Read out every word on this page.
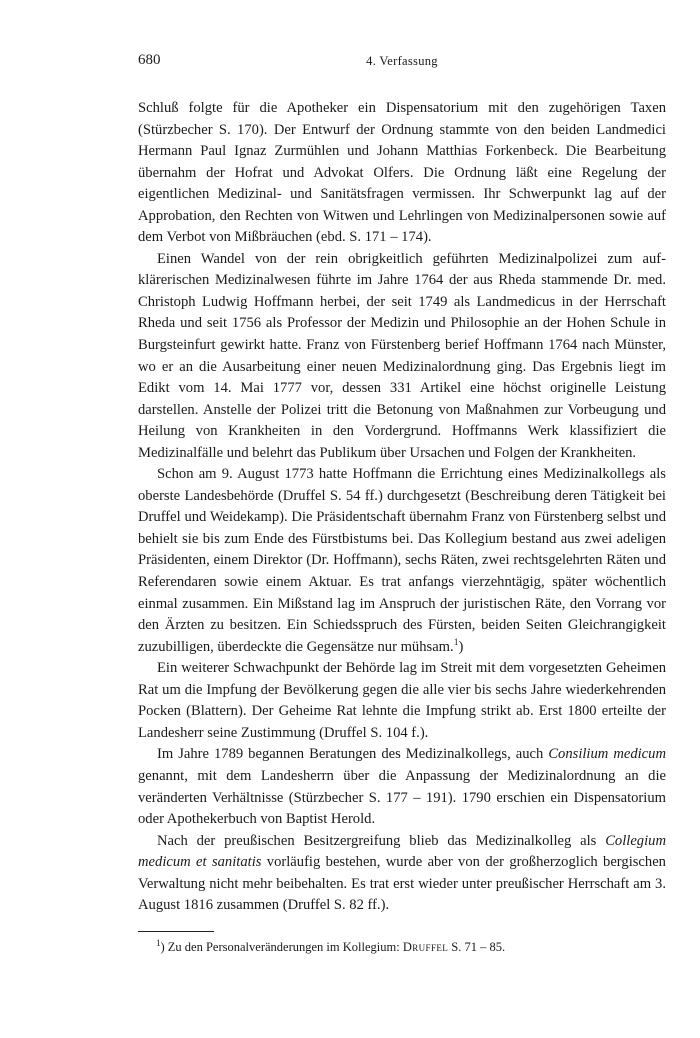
680	4. Verfassung

Schluß folgte für die Apotheker ein Dispensatorium mit den zugehörigen Taxen (Stürzbecher S. 170). Der Entwurf der Ordnung stammte von den beiden Landmedici Hermann Paul Ignaz Zurmühlen und Johann Matthias Forkenbeck. Die Bearbeitung übernahm der Hofrat und Advokat Olfers. Die Ordnung läßt eine Regelung der eigentlichen Medizinal- und Sanitätsfragen vermissen. Ihr Schwerpunkt lag auf der Approbation, den Rechten von Witwen und Lehrlingen von Medizinalpersonen sowie auf dem Verbot von Mißbräuchen (ebd. S. 171 – 174).

Einen Wandel von der rein obrigkeitlich geführten Medizinalpolizei zum aufklärerischen Medizinalwesen führte im Jahre 1764 der aus Rheda stammende Dr. med. Christoph Ludwig Hoffmann herbei, der seit 1749 als Landmedicus in der Herrschaft Rheda und seit 1756 als Professor der Medizin und Philosophie an der Hohen Schule in Burgsteinfurt gewirkt hatte. Franz von Fürstenberg berief Hoffmann 1764 nach Münster, wo er an die Ausarbeitung einer neuen Medizinalordnung ging. Das Ergebnis liegt im Edikt vom 14. Mai 1777 vor, dessen 331 Artikel eine höchst originelle Leistung darstellen. Anstelle der Polizei tritt die Betonung von Maßnahmen zur Vorbeugung und Heilung von Krankheiten in den Vordergrund. Hoffmanns Werk klassifiziert die Medizinalfälle und belehrt das Publikum über Ursachen und Folgen der Krankheiten.

Schon am 9. August 1773 hatte Hoffmann die Errichtung eines Medizinalkollegs als oberste Landesbehörde (Druffel S. 54 ff.) durchgesetzt (Beschreibung deren Tätigkeit bei Druffel und Weidekamp). Die Präsidentschaft übernahm Franz von Fürstenberg selbst und behielt sie bis zum Ende des Fürstbistums bei. Das Kollegium bestand aus zwei adeligen Präsidenten, einem Direktor (Dr. Hoffmann), sechs Räten, zwei rechtsgelehrten Räten und Referendaren sowie einem Aktuar. Es trat anfangs vierzehntägig, später wöchentlich einmal zusammen. Ein Mißstand lag im Anspruch der juristischen Räte, den Vorrang vor den Ärzten zu besitzen. Ein Schiedsspruch des Fürsten, beiden Seiten Gleichrangigkeit zuzubilligen, überdeckte die Gegensätze nur mühsam.$^1$)

Ein weiterer Schwachpunkt der Behörde lag im Streit mit dem vorgesetzten Geheimen Rat um die Impfung der Bevölkerung gegen die alle vier bis sechs Jahre wiederkehrenden Pocken (Blattern). Der Geheime Rat lehnte die Impfung strikt ab. Erst 1800 erteilte der Landesherr seine Zustimmung (Druffel S. 104 f.).

Im Jahre 1789 begannen Beratungen des Medizinalkollegs, auch Consilium medicum genannt, mit dem Landesherrn über die Anpassung der Medizinalordnung an die veränderten Verhältnisse (Stürzbecher S. 177 – 191). 1790 erschien ein Dispensatorium oder Apothekerbuch von Baptist Herold.

Nach der preußischen Besitzergreifung blieb das Medizinalkolleg als Collegium medicum et sanitatis vorläufig bestehen, wurde aber von der großherzoglich bergischen Verwaltung nicht mehr beibehalten. Es trat erst wieder unter preußischer Herrschaft am 3. August 1816 zusammen (Druffel S. 82 ff.).

$^1$) Zu den Personalveränderungen im Kollegium: Druffel S. 71 – 85.
